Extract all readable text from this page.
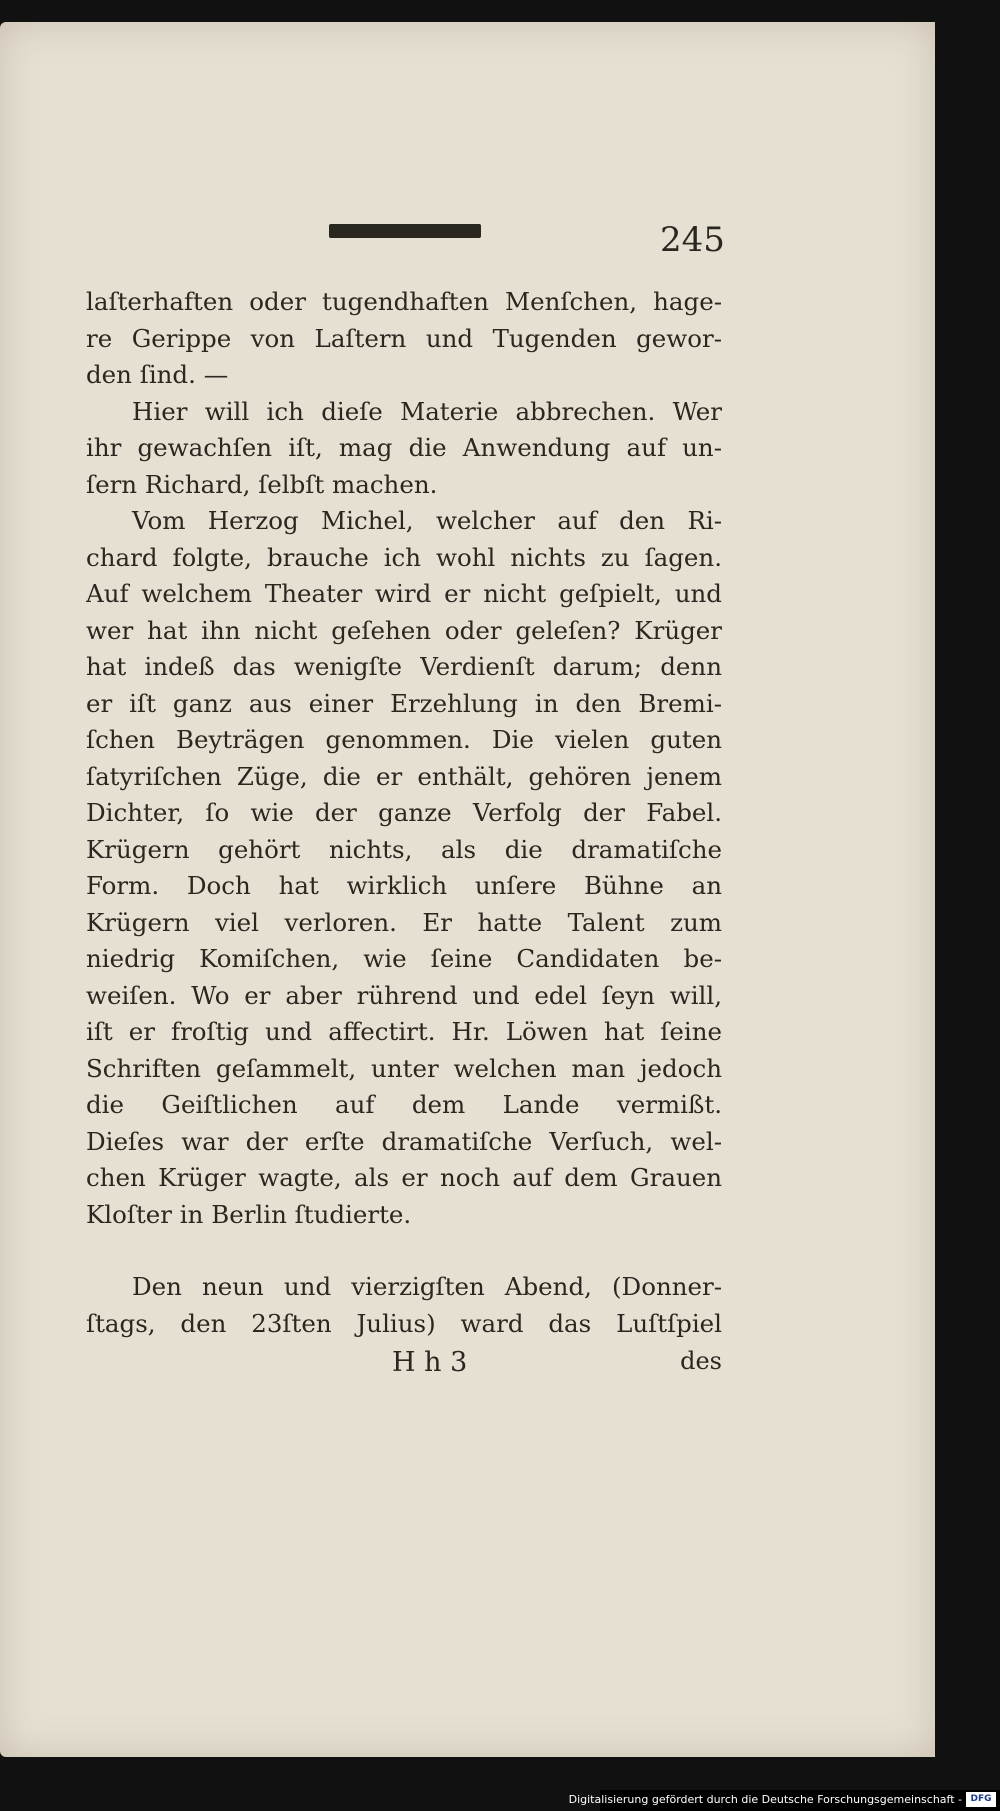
245
laſterhaften oder tugendhaften Menſchen, hage-
re Gerippe von Laſtern und Tugenden gewor-
den ſind. —
Hier will ich dieſe Materie abbrechen. Wer
ihr gewachſen iſt, mag die Anwendung auf un-
ſern Richard, ſelbſt machen.
Vom Herzog Michel, welcher auf den Ri-
chard folgte, brauche ich wohl nichts zu ſagen.
Auf welchem Theater wird er nicht geſpielt, und
wer hat ihn nicht geſehen oder geleſen? Krüger
hat indeß das wenigſte Verdienſt darum; denn
er iſt ganz aus einer Erzehlung in den Bremi-
ſchen Beyträgen genommen. Die vielen guten
ſatyriſchen Züge, die er enthält, gehören jenem
Dichter, ſo wie der ganze Verfolg der Fabel.
Krügern gehört nichts, als die dramatiſche
Form. Doch hat wirklich unſere Bühne an
Krügern viel verloren. Er hatte Talent zum
niedrig Komiſchen, wie ſeine Candidaten be-
weiſen. Wo er aber rührend und edel ſeyn will,
iſt er froſtig und affectirt. Hr. Löwen hat ſeine
Schriften geſammelt, unter welchen man jedoch
die Geiſtlichen auf dem Lande vermißt.
Dieſes war der erſte dramatiſche Verſuch, wel-
chen Krüger wagte, als er noch auf dem Grauen
Kloſter in Berlin ſtudierte.
Den neun und vierzigſten Abend, (Donner-
ſtags, den 23ſten Julius) ward das Luſtſpiel
H h 3	des
Digitalisierung gefördert durch die Deutsche Forschungsgemeinschaft - DFG
